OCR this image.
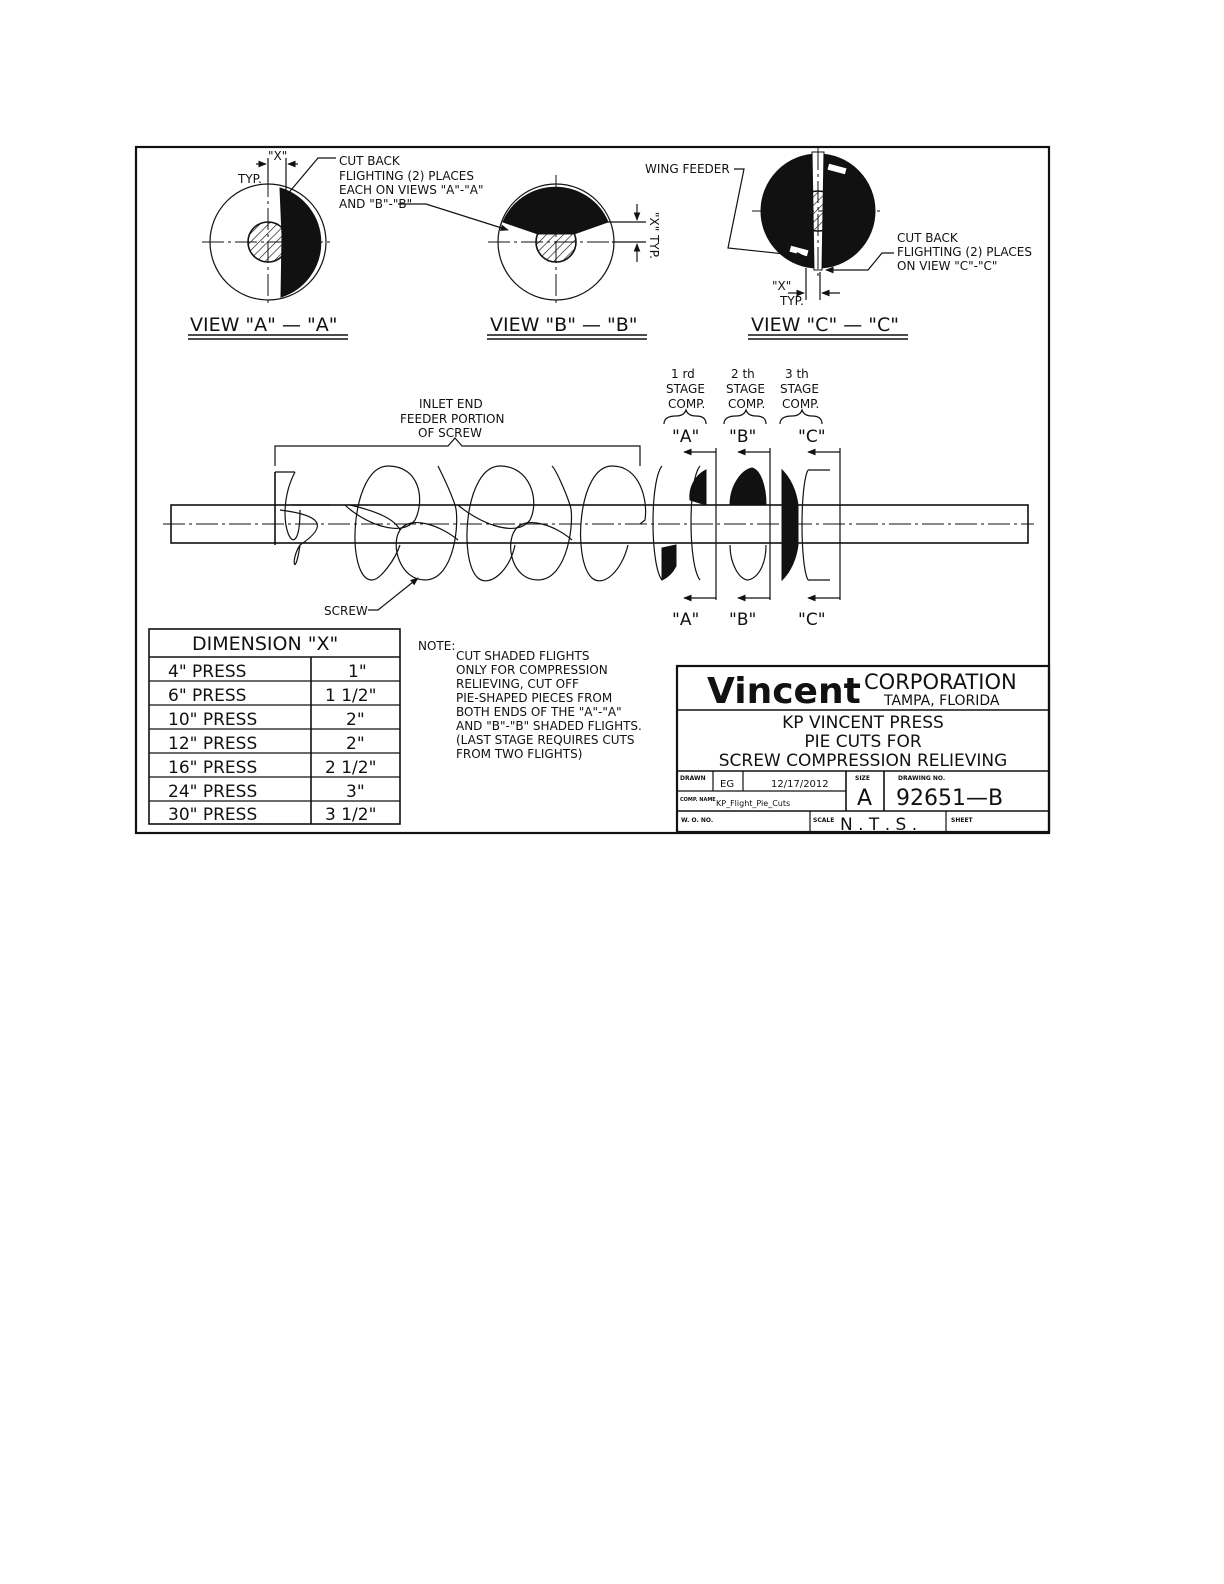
"X"
TYP.
VIEW "A" — "A"
CUT BACK
FLIGHTING (2) PLACES
EACH ON VIEWS "A"-"A"
AND "B"-"B"
"X" TYP.
VIEW "B" — "B"
"X"
TYP.
VIEW "C" — "C"
WING FEEDER
CUT BACK
FLIGHTING (2) PLACES
ON VIEW "C"-"C"
INLET END
FEEDER PORTION
OF SCREW
SCREW
1 rd
STAGE
COMP.
"A"
"A"
2 th
STAGE
COMP.
"B"
"B"
3 th
STAGE
COMP.
"C"
"C"
DIMENSION "X"
4" PRESS	1"
6" PRESS	1 1/2"
10" PRESS	2"
12" PRESS	2"
16" PRESS	2 1/2"
24" PRESS	3"
30" PRESS	3 1/2"
NOTE:
CUT SHADED FLIGHTS
ONLY FOR COMPRESSION
RELIEVING, CUT OFF
PIE-SHAPED PIECES FROM
BOTH ENDS OF THE "A"-"A"
AND "B"-"B" SHADED FLIGHTS.
(LAST STAGE REQUIRES CUTS
FROM TWO FLIGHTS)
Vincent CORPORATION
TAMPA, FLORIDA
KP VINCENT PRESS
PIE CUTS FOR
SCREW COMPRESSION RELIEVING
DRAWN
EG	12/17/2012
COMP. NAME KP_Flight_Pie_Cuts
SIZE
A
DRAWING NO.
92651—B
W. O. NO.	SCALE N . T . S .	SHEET
